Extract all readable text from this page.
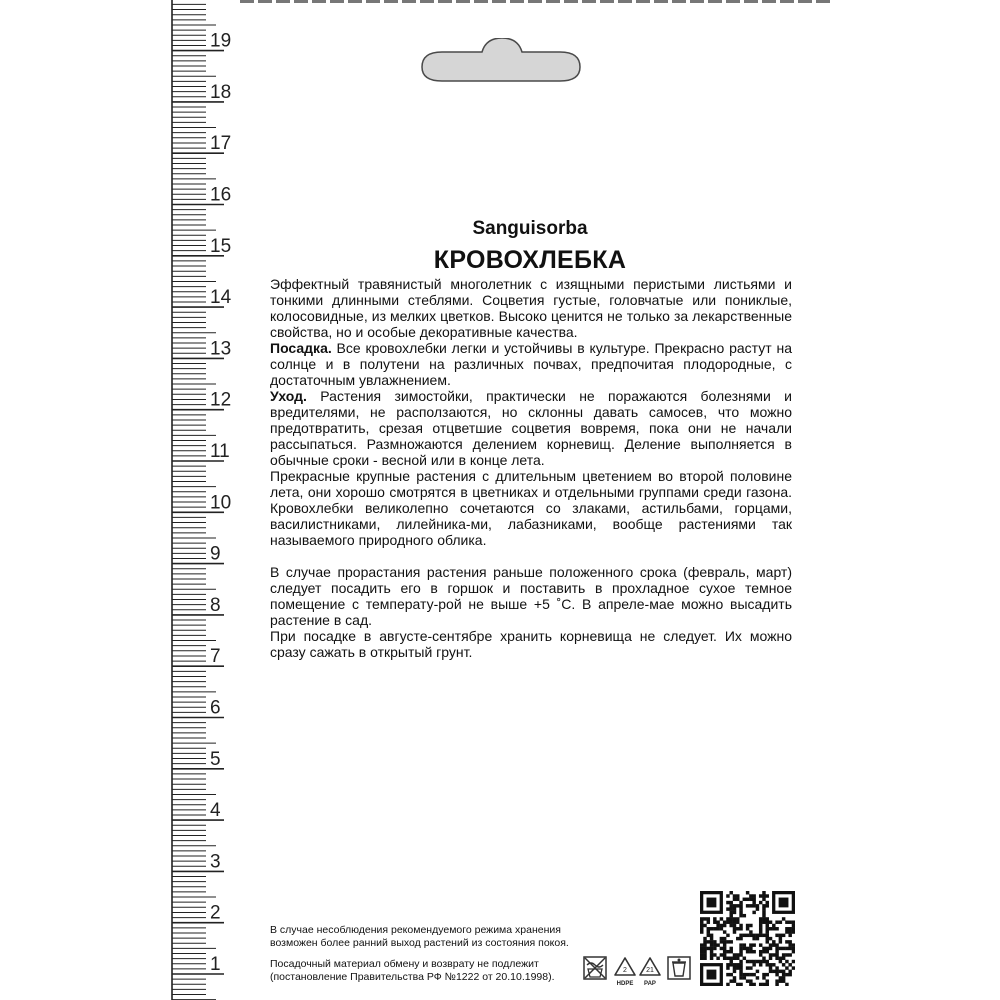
19
18
17
16
15
14
13
12
11
10
9
8
7
6
5
4
3
2
1
Sanguisorba
КРОВОХЛЕБКА

Эффектный травянистый многолетник с изящными перистыми листьями и тонкими длинными стеблями. Соцветия густые, головчатые или пониклые, колосовидные, из мелких цветков. Высоко ценится не только за лекарственные свойства, но и особые декоративные качества.

Посадка. Все кровохлебки легки и устойчивы в культуре. Прекрасно растут на солнце и в полутени на различных почвах, предпочитая плодородные, с достаточным увлажнением.

Уход. Растения зимостойки, практически не поражаются болезнями и вредителями, не расползаются, но склонны давать самосев, что можно предотвратить, срезая отцветшие соцветия вовремя, пока они не начали рассыпаться. Размножаются делением корневищ. Деление выполняется в обычные сроки - весной или в конце лета.

Прекрасные крупные растения с длительным цветением во второй половине лета, они хорошо смотрятся в цветниках и отдельными группами среди газона. Кровохлебки великолепно сочетаются со злаками, астильбами, горцами, василистниками, лилейника-ми, лабазниками, вообще растениями так называемого природного облика.

В случае прорастания растения раньше положенного срока (февраль, март) следует посадить его в горшок и поставить в прохладное сухое темное помещение с температу-рой не выше +5 ˚С. В апреле-мае можно высадить растение в сад.

При посадке в августе-сентябре хранить корневища не следует. Их можно сразу сажать в открытый грунт.

В случае несоблюдения рекомендуемого режима хранения возможен более ранний выход растений из состояния покоя.
Посадочный материал обмену и возврату не подлежит (постановление Правительства РФ №1222 от 20.10.1998).
2
HDPE
21
PAP
